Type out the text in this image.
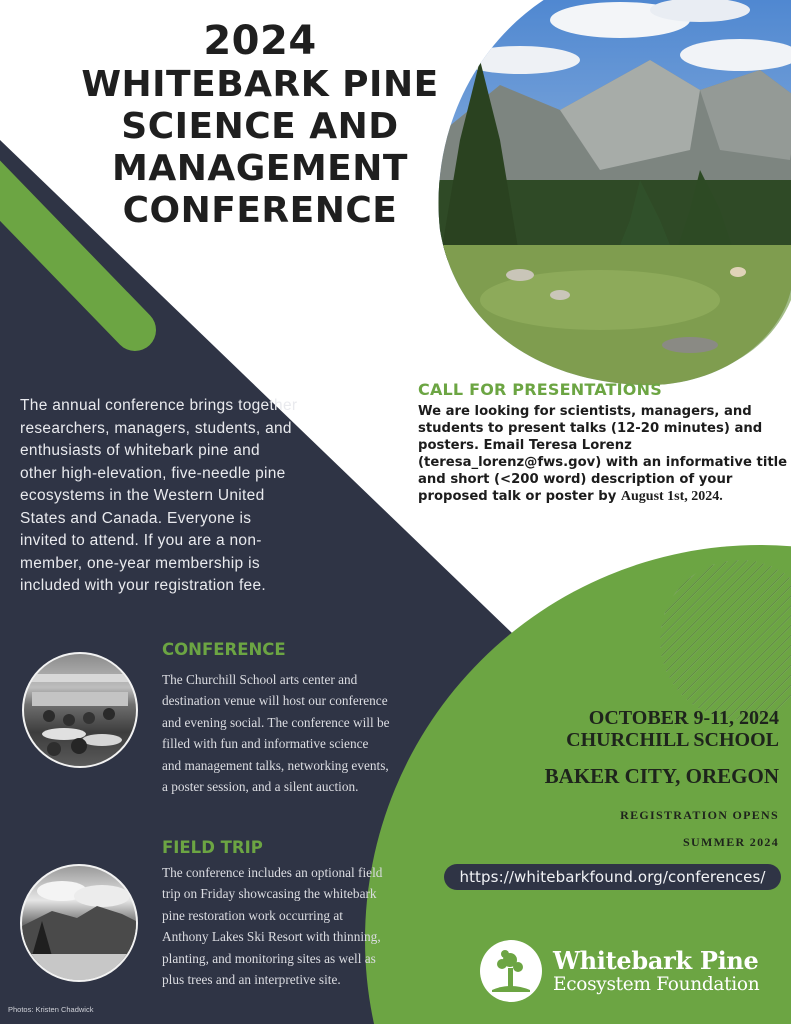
2024
WHITEBARK PINE
SCIENCE AND
MANAGEMENT
CONFERENCE
The annual conference brings together researchers, managers, students, and enthusiasts of whitebark pine and other high-elevation, five-needle pine ecosystems in the Western United States and Canada. Everyone is invited to attend. If you are a non-member, one-year membership is included with your registration fee.
CALL FOR PRESENTATIONS
We are looking for scientists, managers, and students to present talks (12-20 minutes) and posters. Email Teresa Lorenz (teresa_lorenz@fws.gov) with an informative title and short (<200 word) description of your proposed talk or poster by August 1st, 2024.
CONFERENCE
The Churchill School arts center and destination venue will host our conference and evening social. The conference will be filled with fun and informative science and management talks, networking events, a poster session, and a silent auction.
FIELD TRIP
The conference includes an optional field trip on Friday showcasing the whitebark pine restoration work occurring at Anthony Lakes Ski Resort with thinning, planting, and monitoring sites as well as plus trees and an interpretive site.
Photos: Kristen Chadwick
OCTOBER 9-11, 2024
CHURCHILL SCHOOL
BAKER CITY, OREGON
REGISTRATION OPENS
SUMMER 2024
https://whitebarkfound.org/conferences/
Whitebark Pine
Ecosystem Foundation
